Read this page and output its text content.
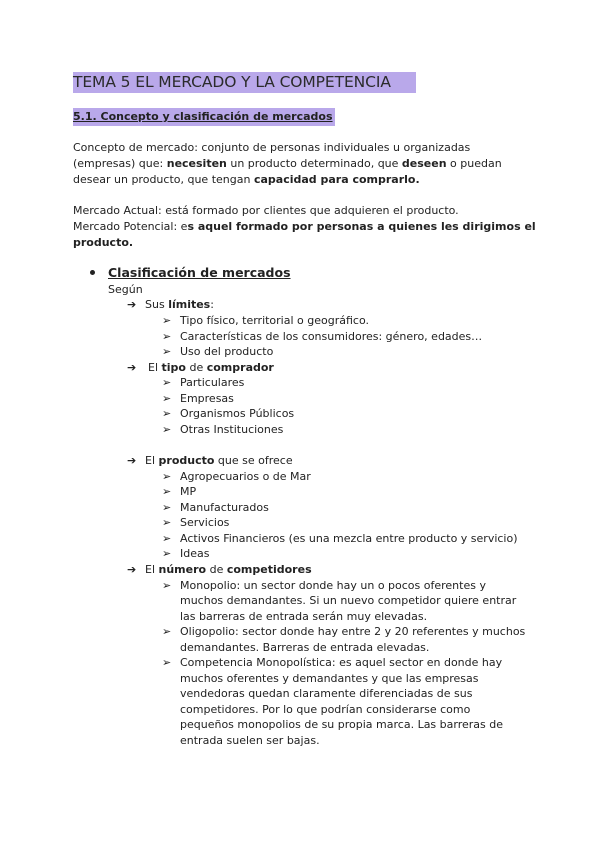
TEMA 5 EL MERCADO Y LA COMPETENCIA
5.1. Concepto y clasificación de mercados
Concepto de mercado: conjunto de personas individuales u organizadas
(empresas) que: necesiten un producto determinado, que deseen o puedan
desear un producto, que tengan capacidad para comprarlo.
Mercado Actual: está formado por clientes que adquieren el producto.
Mercado Potencial: es aquel formado por personas a quienes les dirigimos el
producto.
Clasificación de mercados
Según
➔ Sus límites:
➢ Tipo físico, territorial o geográfico.
➢ Características de los consumidores: género, edades…
➢ Uso del producto
➔ El tipo de comprador
➢ Particulares
➢ Empresas
➢ Organismos Públicos
➢ Otras Instituciones
➔ El producto que se ofrece
➢ Agropecuarios o de Mar
➢ MP
➢ Manufacturados
➢ Servicios
➢ Activos Financieros (es una mezcla entre producto y servicio)
➢ Ideas
➔ El número de competidores
➢ Monopolio: un sector donde hay un o pocos oferentes y
muchos demandantes. Si un nuevo competidor quiere entrar
las barreras de entrada serán muy elevadas.
➢ Oligopolio: sector donde hay entre 2 y 20 referentes y muchos
demandantes. Barreras de entrada elevadas.
➢ Competencia Monopolística: es aquel sector en donde hay
muchos oferentes y demandantes y que las empresas
vendedoras quedan claramente diferenciadas de sus
competidores. Por lo que podrían considerarse como
pequeños monopolios de su propia marca. Las barreras de
entrada suelen ser bajas.
